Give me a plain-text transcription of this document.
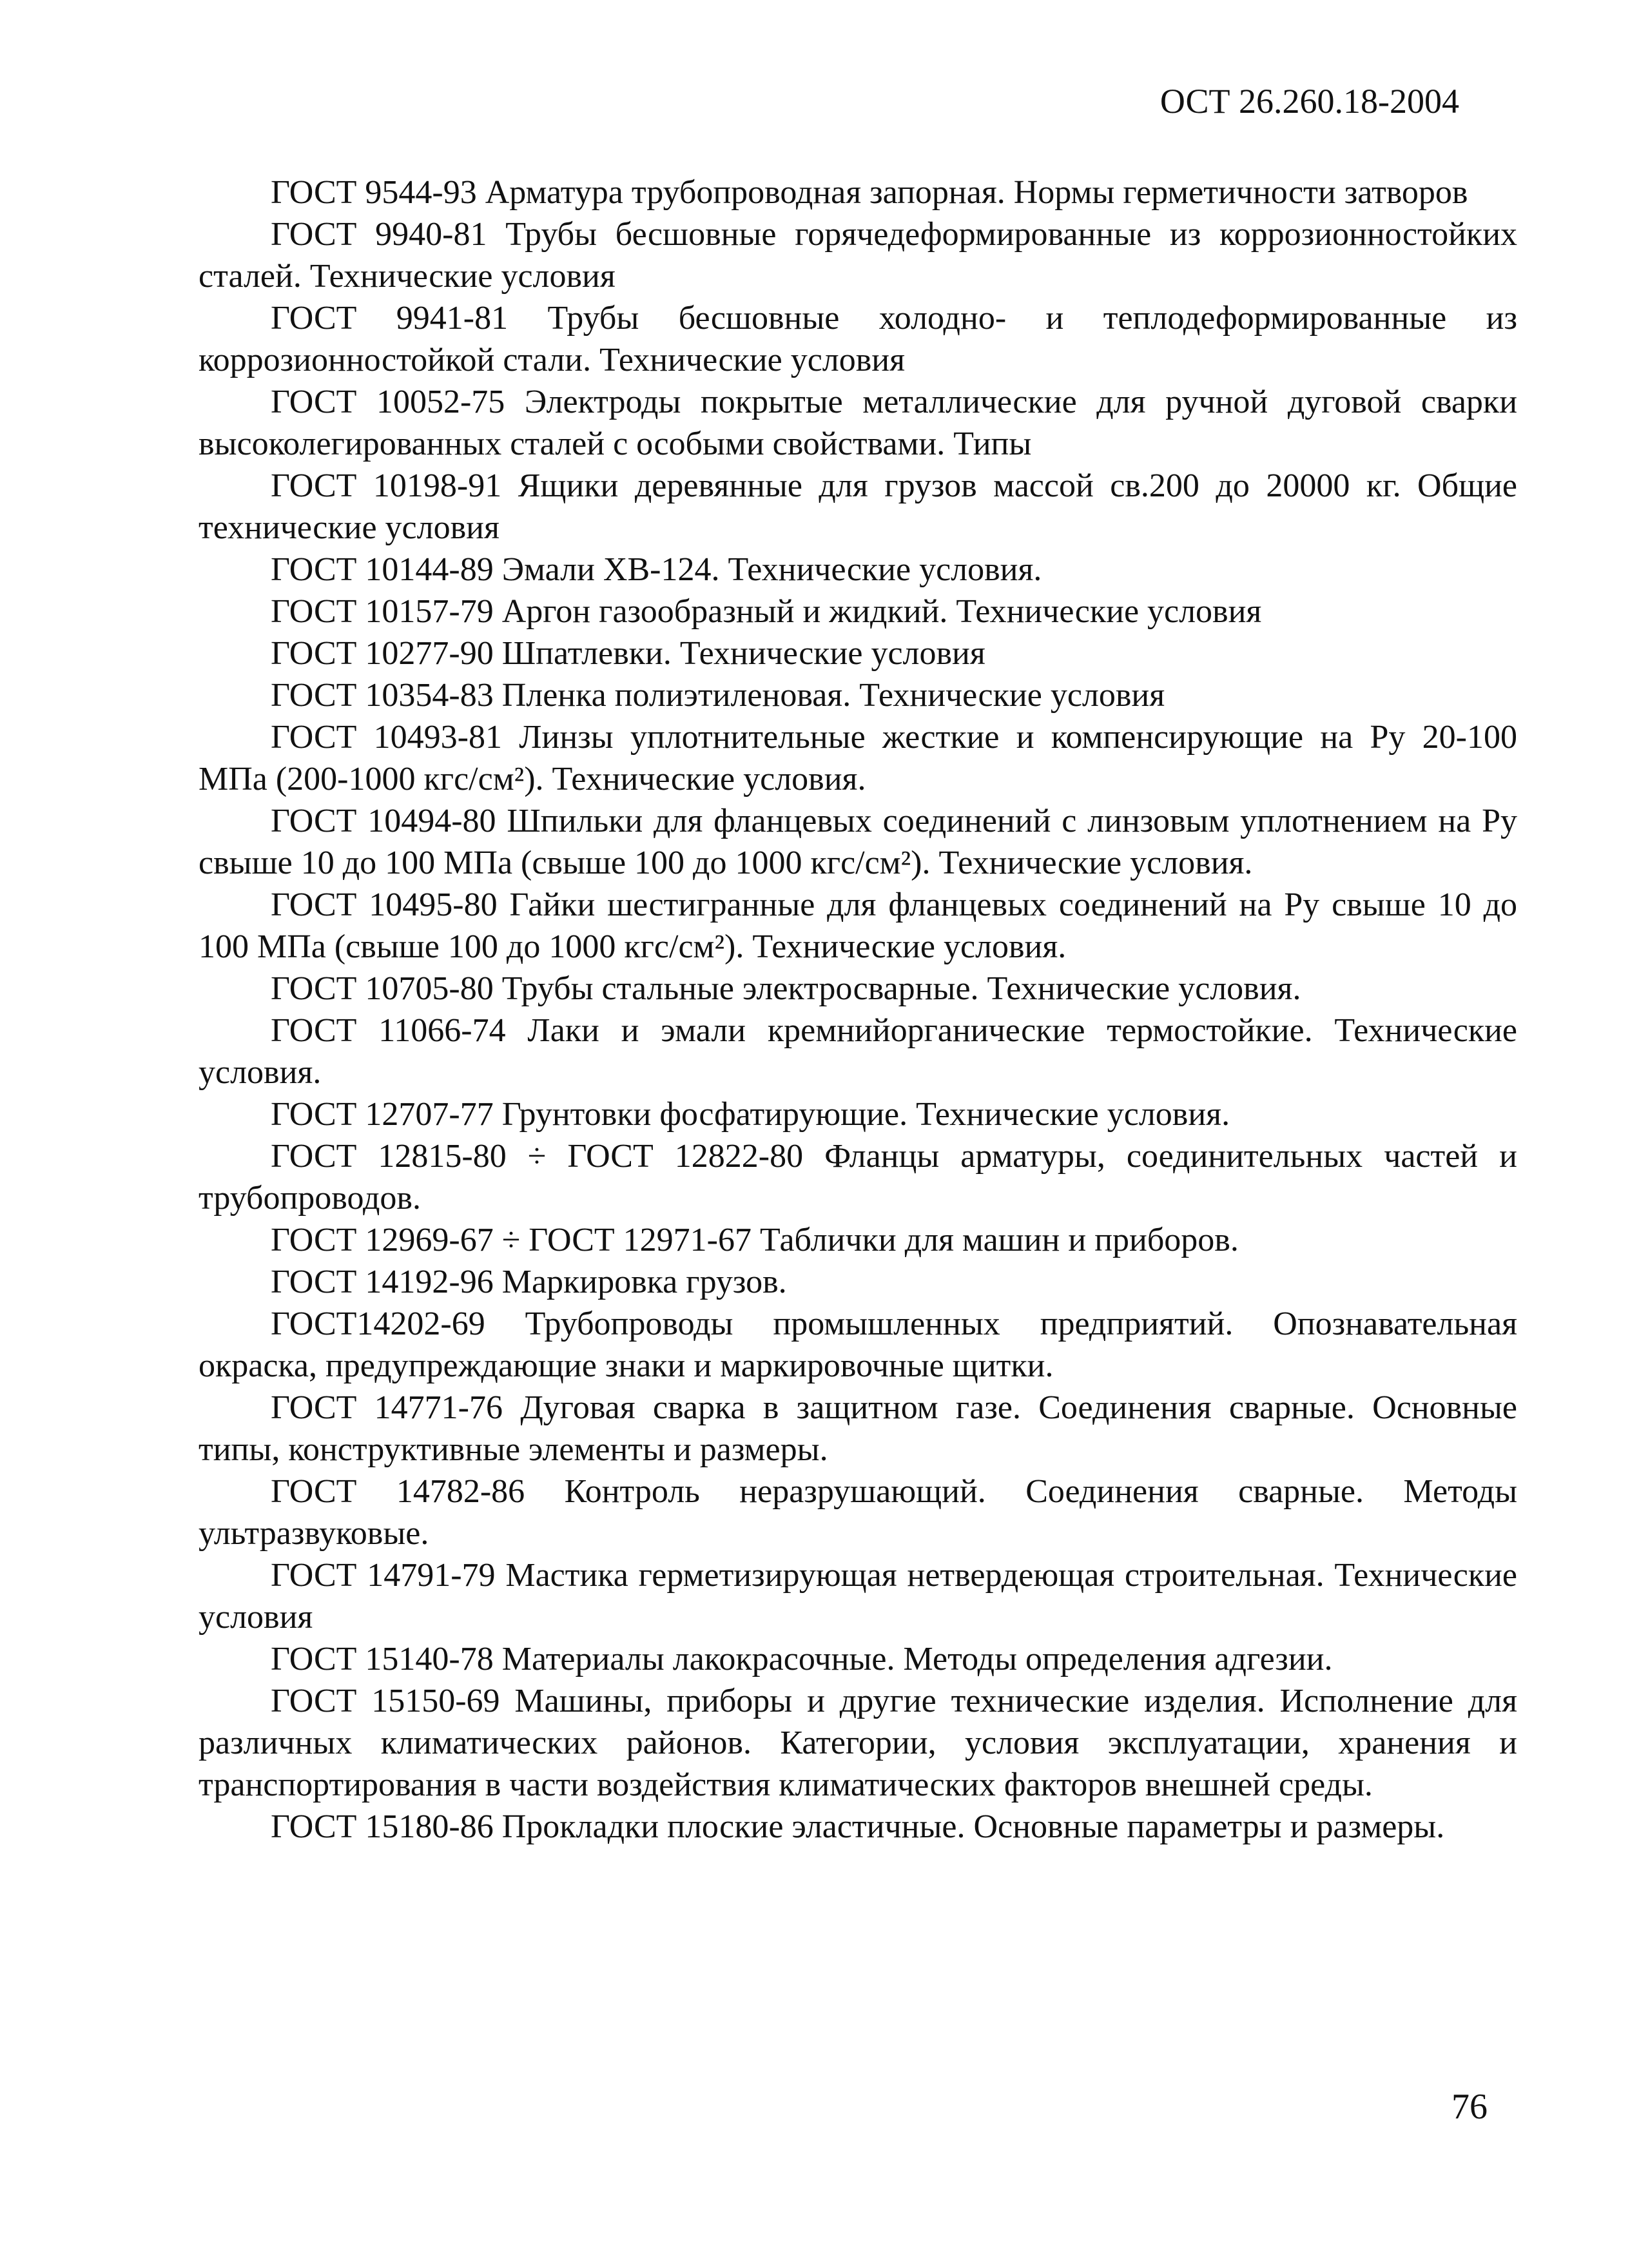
ОСТ 26.260.18-2004

ГОСТ 9544-93 Арматура трубопроводная запорная. Нормы герметичности затворов

ГОСТ 9940-81 Трубы бесшовные горячедеформированные из коррозионностойких сталей. Технические условия

ГОСТ 9941-81 Трубы бесшовные холодно- и теплодеформированные из коррозионностойкой стали. Технические условия

ГОСТ 10052-75 Электроды покрытые металлические для ручной дуговой сварки высоколегированных сталей с особыми свойствами. Типы

ГОСТ 10198-91 Ящики деревянные для грузов массой св.200 до 20000 кг. Общие технические условия

ГОСТ 10144-89 Эмали ХВ-124. Технические условия.

ГОСТ 10157-79 Аргон газообразный и жидкий. Технические условия

ГОСТ 10277-90 Шпатлевки. Технические условия

ГОСТ 10354-83 Пленка полиэтиленовая. Технические условия

ГОСТ 10493-81 Линзы уплотнительные жесткие и компенсирующие на Ру 20-100 МПа (200-1000 кгс/см²). Технические условия.

ГОСТ 10494-80 Шпильки для фланцевых соединений с линзовым уплотнением на Ру свыше 10 до 100 МПа (свыше 100 до 1000 кгс/см²). Технические условия.

ГОСТ 10495-80 Гайки шестигранные для фланцевых соединений на Ру свыше 10 до 100 МПа (свыше 100 до 1000 кгс/см²). Технические условия.

ГОСТ 10705-80 Трубы стальные электросварные. Технические условия.

ГОСТ 11066-74 Лаки и эмали кремнийорганические термостойкие. Технические условия.

ГОСТ 12707-77 Грунтовки фосфатирующие. Технические условия.

ГОСТ 12815-80 ÷ ГОСТ 12822-80 Фланцы арматуры, соединительных частей и трубопроводов.

ГОСТ 12969-67 ÷ ГОСТ 12971-67 Таблички для машин и приборов.

ГОСТ 14192-96 Маркировка грузов.

ГОСТ14202-69 Трубопроводы промышленных предприятий. Опознавательная окраска, предупреждающие знаки и маркировочные щитки.

ГОСТ 14771-76 Дуговая сварка в защитном газе. Соединения сварные. Основные типы, конструктивные элементы и размеры.

ГОСТ 14782-86 Контроль неразрушающий. Соединения сварные. Методы ультразвуковые.

ГОСТ 14791-79 Мастика герметизирующая нетвердеющая строительная. Технические условия

ГОСТ 15140-78 Материалы лакокрасочные. Методы определения адгезии.

ГОСТ 15150-69 Машины, приборы и другие технические изделия. Исполнение для различных климатических районов. Категории, условия эксплуатации, хранения и транспортирования в части воздействия климатических факторов внешней среды.

ГОСТ 15180-86 Прокладки плоские эластичные. Основные параметры и размеры.

76
